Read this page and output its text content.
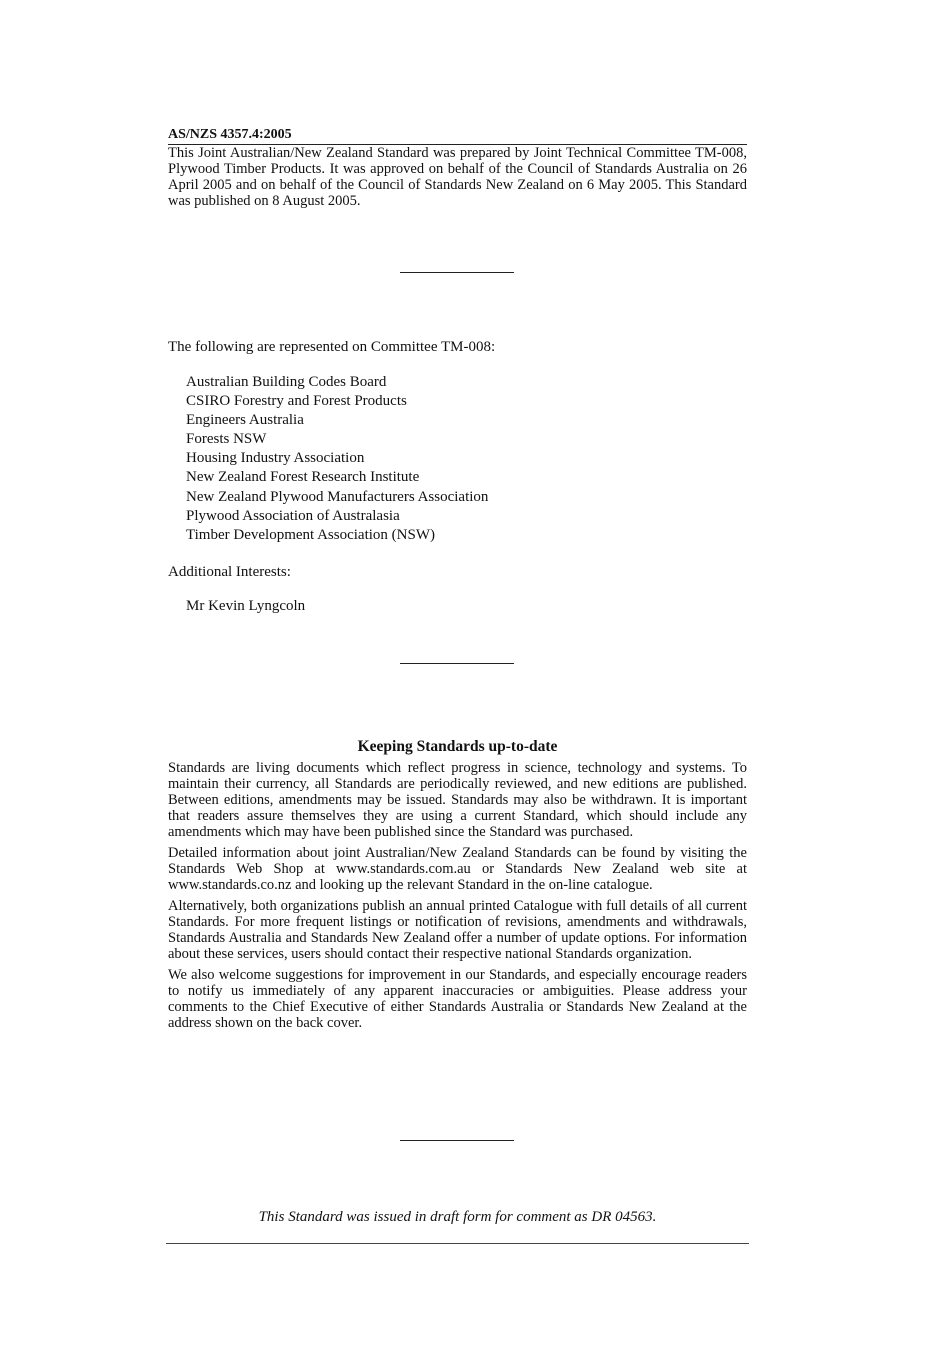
AS/NZS 4357.4:2005

This Joint Australian/New Zealand Standard was prepared by Joint Technical Committee TM-008, Plywood Timber Products. It was approved on behalf of the Council of Standards Australia on 26 April 2005 and on behalf of the Council of Standards New Zealand on 6 May 2005. This Standard was published on 8 August 2005.

The following are represented on Committee TM-008:

Australian Building Codes Board
CSIRO Forestry and Forest Products
Engineers Australia
Forests NSW
Housing Industry Association
New Zealand Forest Research Institute
New Zealand Plywood Manufacturers Association
Plywood Association of Australasia
Timber Development Association (NSW)

Additional Interests:

Mr Kevin Lyngcoln
Keeping Standards up-to-date

Standards are living documents which reflect progress in science, technology and systems. To maintain their currency, all Standards are periodically reviewed, and new editions are published. Between editions, amendments may be issued. Standards may also be withdrawn. It is important that readers assure themselves they are using a current Standard, which should include any amendments which may have been published since the Standard was purchased.

Detailed information about joint Australian/New Zealand Standards can be found by visiting the Standards Web Shop at www.standards.com.au or Standards New Zealand web site at www.standards.co.nz and looking up the relevant Standard in the on-line catalogue.

Alternatively, both organizations publish an annual printed Catalogue with full details of all current Standards. For more frequent listings or notification of revisions, amendments and withdrawals, Standards Australia and Standards New Zealand offer a number of update options. For information about these services, users should contact their respective national Standards organization.

We also welcome suggestions for improvement in our Standards, and especially encourage readers to notify us immediately of any apparent inaccuracies or ambiguities. Please address your comments to the Chief Executive of either Standards Australia or Standards New Zealand at the address shown on the back cover.

This Standard was issued in draft form for comment as DR 04563.
